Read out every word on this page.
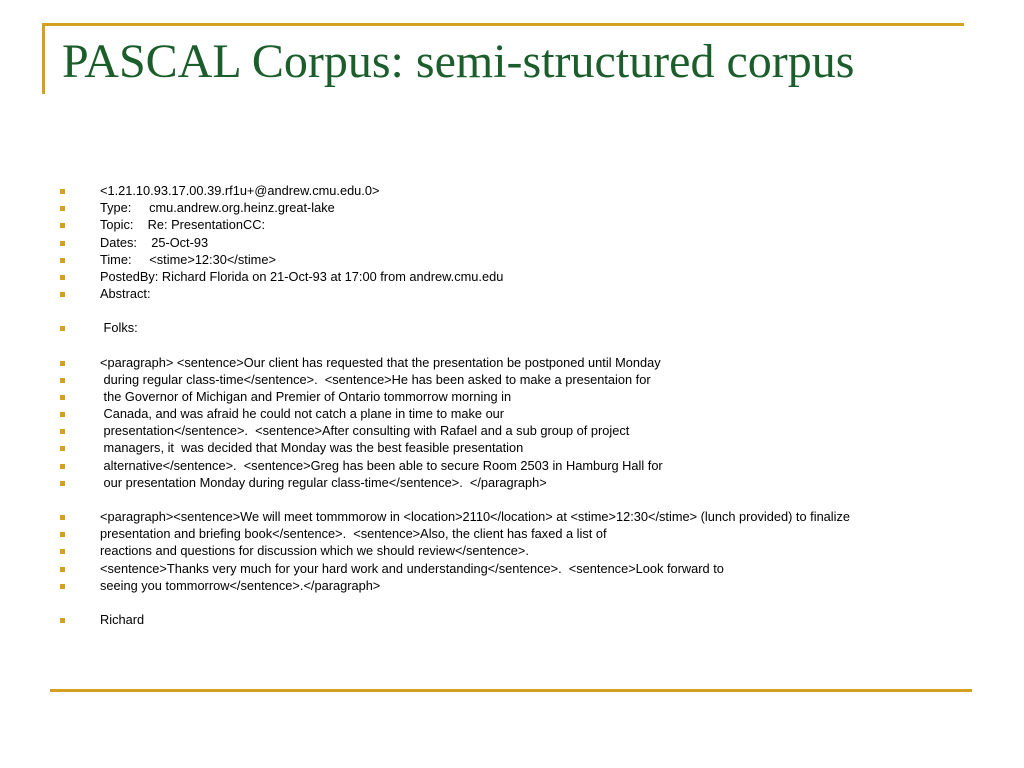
PASCAL Corpus: semi-structured corpus
<1.21.10.93.17.00.39.rf1u+@andrew.cmu.edu.0>
Type:     cmu.andrew.org.heinz.great-lake
Topic:    Re: PresentationCC:
Dates:    25-Oct-93
Time:     <stime>12:30</stime>
PostedBy: Richard Florida on 21-Oct-93 at 17:00 from andrew.cmu.edu
Abstract:
Folks:
<paragraph> <sentence>Our client has requested that the presentation be postponed until Monday
during regular class-time</sentence>.  <sentence>He has been asked to make a presentaion for
the Governor of Michigan and Premier of Ontario tommorrow morning in
Canada, and was afraid he could not catch a plane in time to make our
presentation</sentence>.  <sentence>After consulting with Rafael and a sub group of project
managers, it  was decided that Monday was the best feasible presentation
alternative</sentence>.  <sentence>Greg has been able to secure Room 2503 in Hamburg Hall for
our presentation Monday during regular class-time</sentence>.  </paragraph>
<paragraph><sentence>We will meet tommmorow in <location>2110</location> at <stime>12:30</stime> (lunch provided) to finalize
presentation and briefing book</sentence>.  <sentence>Also, the client has faxed a list of
reactions and questions for discussion which we should review</sentence>.
<sentence>Thanks very much for your hard work and understanding</sentence>.  <sentence>Look forward to
seeing you tommorrow</sentence>.</paragraph>
Richard
